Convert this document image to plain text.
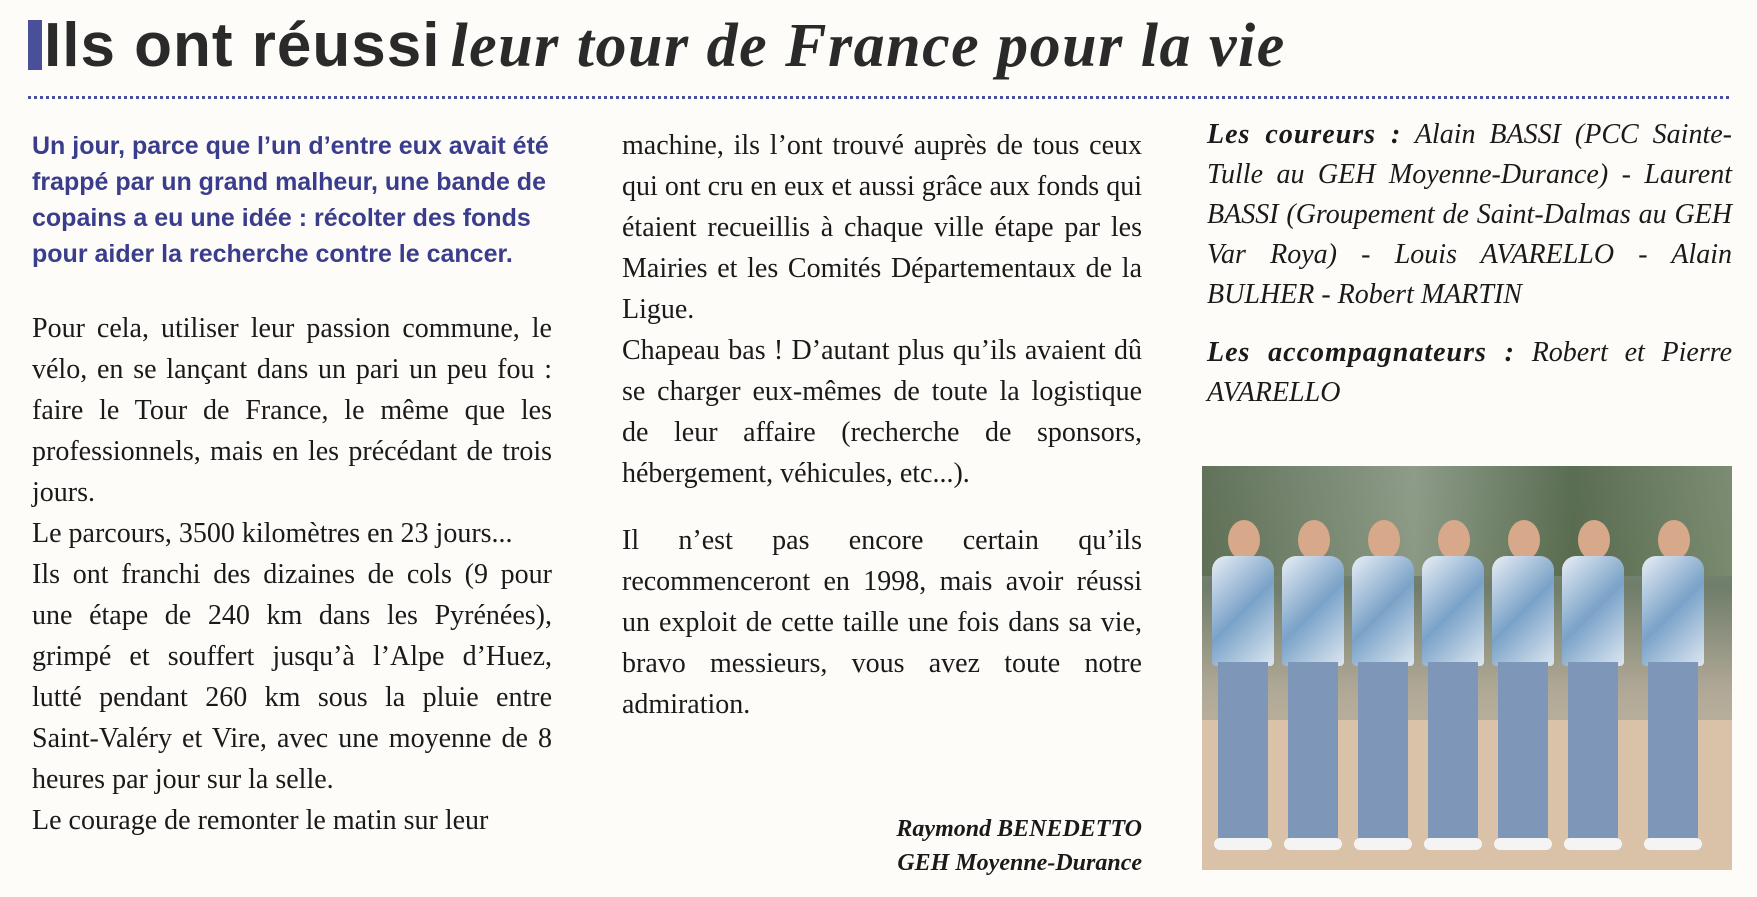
Ils ont réussi leur tour de France pour la vie

Un jour, parce que l’un d’entre eux avait été frappé par un grand malheur, une bande de copains a eu une idée : récolter des fonds pour aider la recherche contre le cancer.

Pour cela, utiliser leur passion commune, le vélo, en se lançant dans un pari un peu fou : faire le Tour de France, le même que les professionnels, mais en les précédant de trois jours.

Le parcours, 3500 kilomètres en 23 jours...

Ils ont franchi des dizaines de cols (9 pour une étape de 240 km dans les Pyrénées), grimpé et souffert jusqu’à l’Alpe d’Huez, lutté pendant 260 km sous la pluie entre Saint-Valéry et Vire, avec une moyenne de 8 heures par jour sur la selle.

Le courage de remonter le matin sur leur

machine, ils l’ont trouvé auprès de tous ceux qui ont cru en eux et aussi grâce aux fonds qui étaient recueillis à chaque ville étape par les Mairies et les Comités Départementaux de la Ligue.

Chapeau bas ! D’autant plus qu’ils avaient dû se charger eux-mêmes de toute la logistique de leur affaire (recherche de sponsors, hébergement, véhicules, etc...).

Il n’est pas encore certain qu’ils recommenceront en 1998, mais avoir réussi un exploit de cette taille une fois dans sa vie, bravo messieurs, vous avez toute notre admiration.

Raymond BENEDETTO
GEH Moyenne-Durance

Les coureurs : Alain BASSI (PCC Sainte-Tulle au GEH Moyenne-Durance) - Laurent BASSI (Groupement de Saint-Dalmas au GEH Var Roya) - Louis AVARELLO - Alain BULHER - Robert MARTIN

Les accompagnateurs : Robert et Pierre AVARELLO
